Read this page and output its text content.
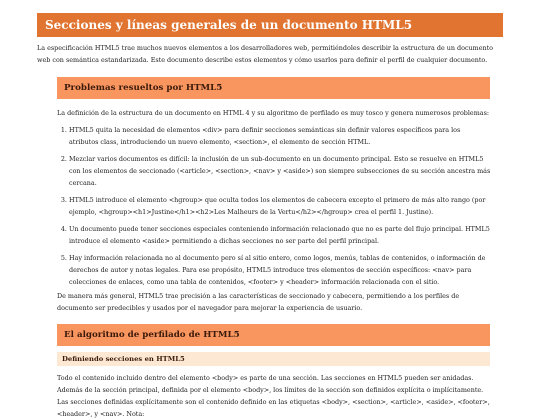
Secciones y líneas generales de un documento HTML5
La especificación HTML5 trae muchos nuevos elementos a los desarrolladores web, permitiéndoles describir la estructura de un documento web con semántica estandarizada. Este documento describe estos elementos y cómo usarlos para definir el perfil de cualquier documento.
Problemas resueltos por HTML5
La definición de la estructura de un documento en HTML 4 y su algoritmo de perfilado es muy tosco y genera numerosos problemas:
1. HTML5 quita la necesidad de elementos <div> para definir secciones semánticas sin definir valores específicos para los atributos class, introduciendo un nuevo elemento, <section>, el elemento de sección HTML.
2. Mezclar varios documentos es difícil: la inclusión de un sub-documento en un documento principal. Esto se resuelve en HTML5 con los elementos de seccionado (<article>, <section>, <nav> y <aside>) son siempre subsecciones de su sección ancestra más cercana.
3. HTML5 introduce el elemento <hgroup> que oculta todos los elementos de cabecera excepto el primero de más alto rango (por ejemplo, <hgroup><h1>Justine</h1><h2>Les Malheurs de la Vertu</h2></hgroup> crea el perfil 1. Justine).
4. Un documento puede tener secciones especiales conteniendo información relacionado que no es parte del flujo principal. HTML5 introduce el elemento <aside> permitiendo a dichas secciones no ser parte del perfil principal.
5. Hay información relacionada no al documento pero sí al sitio entero, como logos, menús, tablas de contenidos, o información de derechos de autor y notas legales. Para ese propósito, HTML5 introduce tres elementos de sección específicos: <nav> para colecciones de enlaces, como una tabla de contenidos, <footer> y <header> información relacionada con el sitio.
De manera más general, HTML5 trae precisión a las características de seccionado y cabecera, permitiendo a los perfiles de documento ser predecibles y usados por el navegador para mejorar la experiencia de usuario.
El algoritmo de perfilado de HTML5
Definiendo secciones en HTML5
Todo el contenido incluido dentro del elemento <body> es parte de una sección. Las secciones en HTML5 pueden ser anidadas. Además de la sección principal, definida por el elemento <body>, los límites de la sección son definidos explícita o implícitamente. Las secciones definidas explícitamente son el contenido definido en las etiquetas <body>, <section>, <article>, <aside>, <footer>, <header>, y <nav>. Nota:
